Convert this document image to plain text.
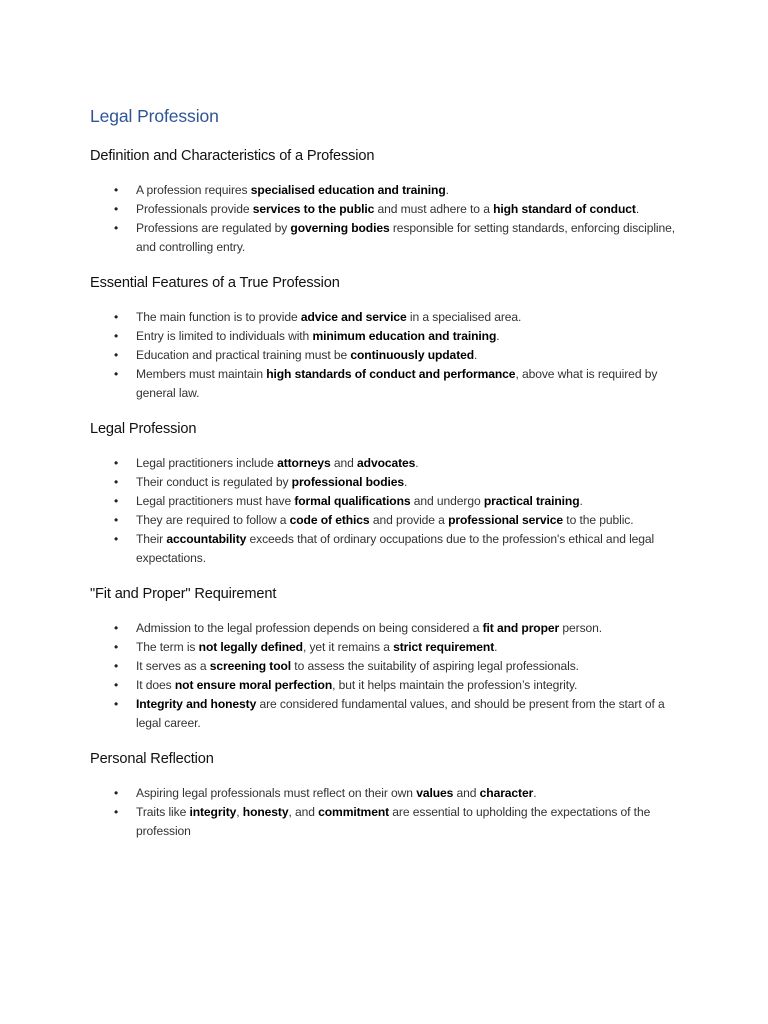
Legal Profession
Definition and Characteristics of a Profession
• A profession requires specialised education and training.
• Professionals provide services to the public and must adhere to a high standard of conduct.
• Professions are regulated by governing bodies responsible for setting standards, enforcing discipline, and controlling entry.
Essential Features of a True Profession
• The main function is to provide advice and service in a specialised area.
• Entry is limited to individuals with minimum education and training.
• Education and practical training must be continuously updated.
• Members must maintain high standards of conduct and performance, above what is required by general law.
Legal Profession
• Legal practitioners include attorneys and advocates.
• Their conduct is regulated by professional bodies.
• Legal practitioners must have formal qualifications and undergo practical training.
• They are required to follow a code of ethics and provide a professional service to the public.
• Their accountability exceeds that of ordinary occupations due to the profession's ethical and legal expectations.
"Fit and Proper" Requirement
• Admission to the legal profession depends on being considered a fit and proper person.
• The term is not legally defined, yet it remains a strict requirement.
• It serves as a screening tool to assess the suitability of aspiring legal professionals.
• It does not ensure moral perfection, but it helps maintain the profession’s integrity.
• Integrity and honesty are considered fundamental values, and should be present from the start of a legal career.
Personal Reflection
• Aspiring legal professionals must reflect on their own values and character.
• Traits like integrity, honesty, and commitment are essential to upholding the expectations of the profession
